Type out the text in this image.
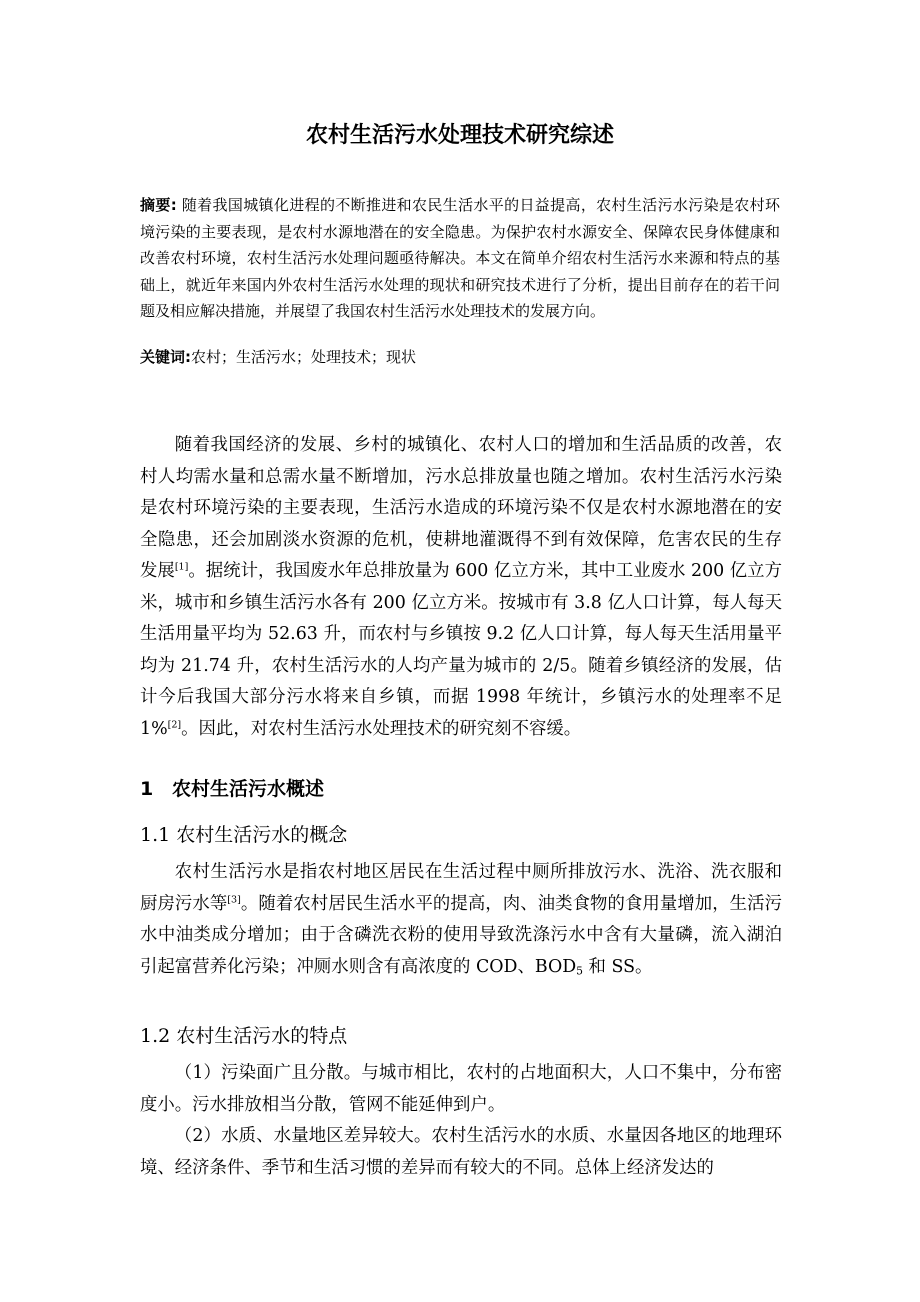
农村生活污水处理技术研究综述
摘要: 随着我国城镇化进程的不断推进和农民生活水平的日益提高，农村生活污水污染是农村环境污染的主要表现，是农村水源地潜在的安全隐患。为保护农村水源安全、保障农民身体健康和改善农村环境，农村生活污水处理问题亟待解决。本文在简单介绍农村生活污水来源和特点的基础上，就近年来国内外农村生活污水处理的现状和研究技术进行了分析，提出目前存在的若干问题及相应解决措施，并展望了我国农村生活污水处理技术的发展方向。
关键词:农村；生活污水；处理技术；现状
随着我国经济的发展、乡村的城镇化、农村人口的增加和生活品质的改善，农村人均需水量和总需水量不断增加，污水总排放量也随之增加。农村生活污水污染是农村环境污染的主要表现，生活污水造成的环境污染不仅是农村水源地潜在的安全隐患，还会加剧淡水资源的危机，使耕地灌溉得不到有效保障，危害农民的生存发展[1]。据统计，我国废水年总排放量为 600 亿立方米，其中工业废水 200 亿立方米，城市和乡镇生活污水各有 200 亿立方米。按城市有 3.8 亿人口计算，每人每天生活用量平均为 52.63 升，而农村与乡镇按 9.2 亿人口计算，每人每天生活用量平均为 21.74 升，农村生活污水的人均产量为城市的 2/5。随着乡镇经济的发展，估计今后我国大部分污水将来自乡镇，而据 1998 年统计，乡镇污水的处理率不足 1%[2]。因此，对农村生活污水处理技术的研究刻不容缓。
1 农村生活污水概述
1.1 农村生活污水的概念
农村生活污水是指农村地区居民在生活过程中厕所排放污水、洗浴、洗衣服和厨房污水等[3]。随着农村居民生活水平的提高，肉、油类食物的食用量增加，生活污水中油类成分增加；由于含磷洗衣粉的使用导致洗涤污水中含有大量磷，流入湖泊引起富营养化污染；冲厕水则含有高浓度的 COD、$BOD_5$ 和 SS。
1.2 农村生活污水的特点
（1）污染面广且分散。与城市相比，农村的占地面积大，人口不集中，分布密度小。污水排放相当分散，管网不能延伸到户。
（2）水质、水量地区差异较大。农村生活污水的水质、水量因各地区的地理环境、经济条件、季节和生活习惯的差异而有较大的不同。总体上经济发达的
